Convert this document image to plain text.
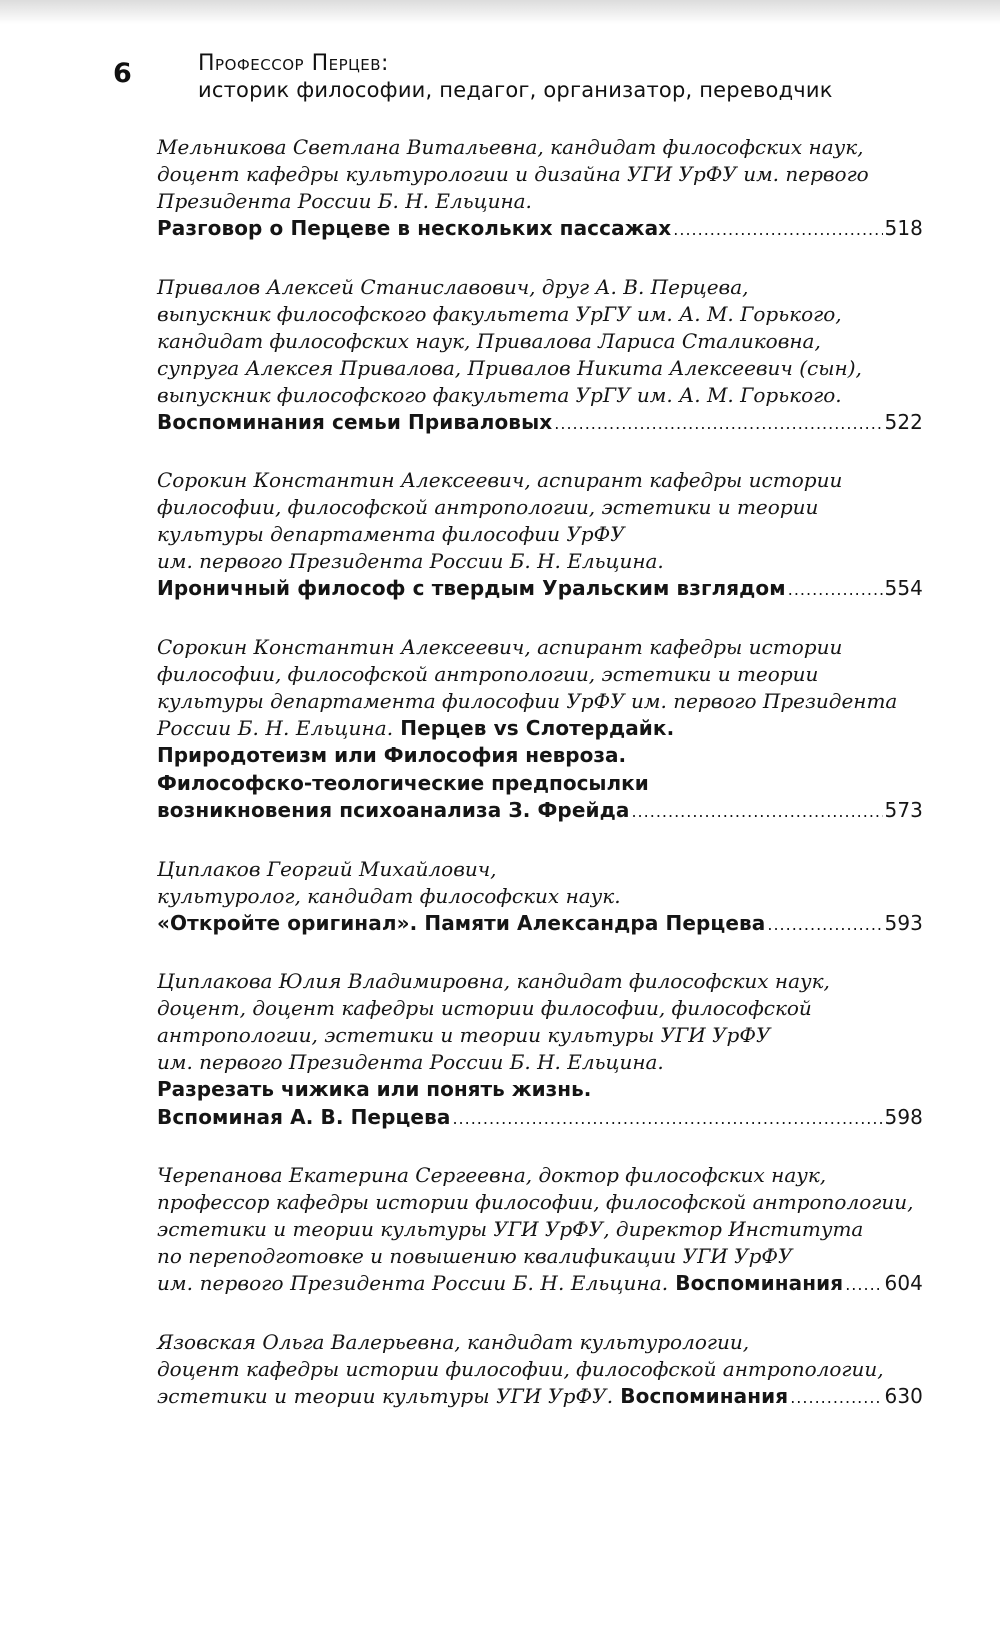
6	Профессор Перцев:
историк философии, педагог, организатор, переводчик
Мельникова Светлана Витальевна, кандидат философских наук,
доцент кафедры культурологии и дизайна УГИ УрФУ им. первого
Президента России Б. Н. Ельцина.
Разговор о Перцеве в нескольких пассажах .....	518
Привалов Алексей Станиславович, друг А. В. Перцева,
выпускник философского факультета УрГУ им. А. М. Горького,
кандидат философских наук, Привалова Лариса Сталиковна,
супруга Алексея Привалова, Привалов Никита Алексеевич (сын),
выпускник философского факультета УрГУ им. А. М. Горького.
Воспоминания семьи Приваловых .....	522
Сорокин Константин Алексеевич, аспирант кафедры истории
философии, философской антропологии, эстетики и теории
культуры департамента философии УрФУ
им. первого Президента России Б. Н. Ельцина.
Ироничный философ с твердым Уральским взглядом .....	554
Сорокин Константин Алексеевич, аспирант кафедры истории
философии, философской антропологии, эстетики и теории
культуры департамента философии УрФУ им. первого Президента
России Б. Н. Ельцина.
Перцев vs Слотердайк.
Природотеизм или Философия невроза.
Философско-теологические предпосылки
возникновения психоанализа З. Фрейда .....	573
Циплаков Георгий Михайлович,
культуролог, кандидат философских наук.
«Откройте оригинал». Памяти Александра Перцева .....	593
Циплакова Юлия Владимировна, кандидат философских наук,
доцент, доцент кафедры истории философии, философской
антропологии, эстетики и теории культуры УГИ УрФУ
им. первого Президента России Б. Н. Ельцина.
Разрезать чижика или понять жизнь.
Вспоминая А. В. Перцева .....	598
Черепанова Екатерина Сергеевна, доктор философских наук,
профессор кафедры истории философии, философской антропологии,
эстетики и теории культуры УГИ УрФУ, директор Института
по переподготовке и повышению квалификации УГИ УрФУ
им. первого Президента России Б. Н. Ельцина.
Воспоминания ..... 604
Язовская Ольга Валерьевна, кандидат культурологии,
доцент кафедры истории философии, философской антропологии,
эстетики и теории культуры УГИ УрФУ.
Воспоминания .....	630
